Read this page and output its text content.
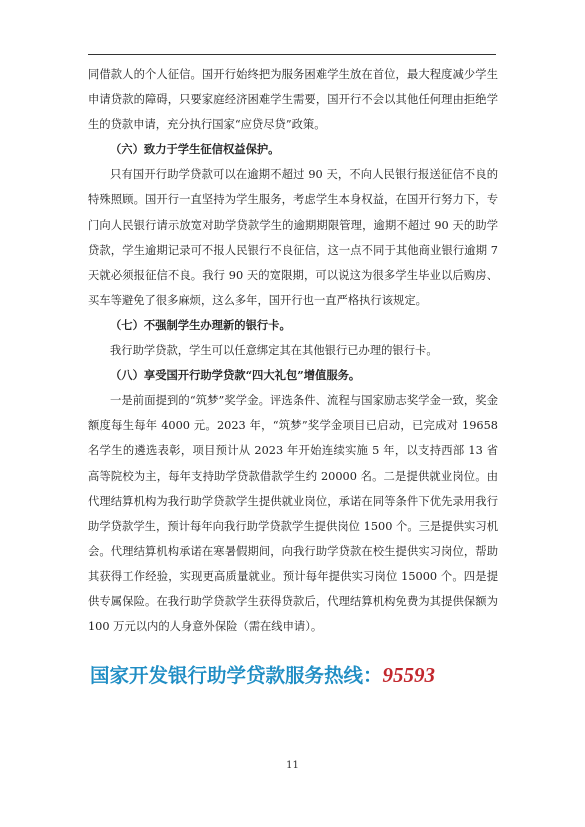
同借款人的个人征信。国开行始终把为服务困难学生放在首位，最大程度减少学生申请贷款的障碍，只要家庭经济困难学生需要，国开行不会以其他任何理由拒绝学生的贷款申请，充分执行国家“应贷尽贷”政策。

（六）致力于学生征信权益保护。

只有国开行助学贷款可以在逾期不超过 90 天，不向人民银行报送征信不良的特殊照顾。国开行一直坚持为学生服务，考虑学生本身权益，在国开行努力下，专门向人民银行请示放宽对助学贷款学生的逾期期限管理，逾期不超过 90 天的助学贷款，学生逾期记录可不报人民银行不良征信，这一点不同于其他商业银行逾期 7 天就必须报征信不良。我行 90 天的宽限期，可以说这为很多学生毕业以后购房、买车等避免了很多麻烦，这么多年，国开行也一直严格执行该规定。

（七）不强制学生办理新的银行卡。

我行助学贷款，学生可以任意绑定其在其他银行已办理的银行卡。

（八）享受国开行助学贷款“四大礼包”增值服务。

一是前面提到的“筑梦”奖学金。评选条件、流程与国家励志奖学金一致，奖金额度每生每年 4000 元。2023 年，“筑梦”奖学金项目已启动，已完成对 19658 名学生的遴选表彰，项目预计从 2023 年开始连续实施 5 年，以支持西部 13 省高等院校为主，每年支持助学贷款借款学生约 20000 名。二是提供就业岗位。由代理结算机构为我行助学贷款学生提供就业岗位，承诺在同等条件下优先录用我行助学贷款学生，预计每年向我行助学贷款学生提供岗位 1500 个。三是提供实习机会。代理结算机构承诺在寒暑假期间，向我行助学贷款在校生提供实习岗位，帮助其获得工作经验，实现更高质量就业。预计每年提供实习岗位 15000 个。四是提供专属保险。在我行助学贷款学生获得贷款后，代理结算机构免费为其提供保额为 100 万元以内的人身意外保险（需在线申请）。

国家开发银行助学贷款服务热线：95593
11
